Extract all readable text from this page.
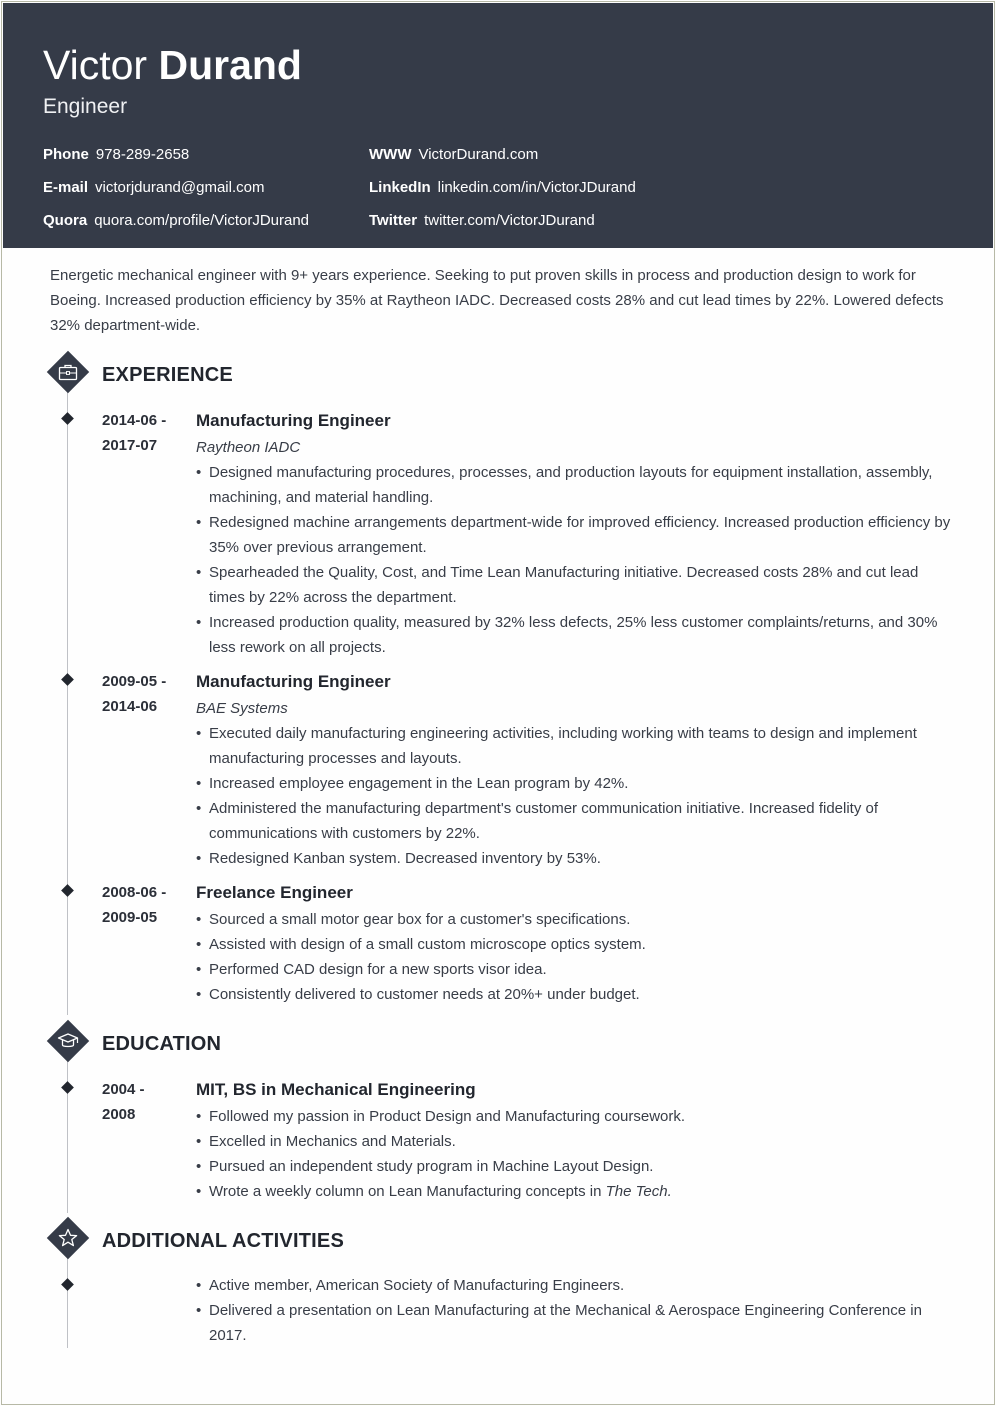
Victor Durand
Engineer
Phone 978-289-2658
E-mail victorjdurand@gmail.com
Quora quora.com/profile/VictorJDurand
WWW VictorDurand.com
LinkedIn linkedin.com/in/VictorJDurand
Twitter twitter.com/VictorJDurand
Energetic mechanical engineer with 9+ years experience. Seeking to put proven skills in process and production design to work for Boeing. Increased production efficiency by 35% at Raytheon IADC. Decreased costs 28% and cut lead times by 22%. Lowered defects 32% department-wide.
EXPERIENCE
2014-06 -
2017-07
Manufacturing Engineer
Raytheon IADC
• Designed manufacturing procedures, processes, and production layouts for equipment installation, assembly, machining, and material handling.
• Redesigned machine arrangements department-wide for improved efficiency. Increased production efficiency by 35% over previous arrangement.
• Spearheaded the Quality, Cost, and Time Lean Manufacturing initiative. Decreased costs 28% and cut lead times by 22% across the department.
• Increased production quality, measured by 32% less defects, 25% less customer complaints/returns, and 30% less rework on all projects.
2009-05 -
2014-06
Manufacturing Engineer
BAE Systems
• Executed daily manufacturing engineering activities, including working with teams to design and implement manufacturing processes and layouts.
• Increased employee engagement in the Lean program by 42%.
• Administered the manufacturing department's customer communication initiative. Increased fidelity of communications with customers by 22%.
• Redesigned Kanban system. Decreased inventory by 53%.
2008-06 -
2009-05
Freelance Engineer
• Sourced a small motor gear box for a customer's specifications.
• Assisted with design of a small custom microscope optics system.
• Performed CAD design for a new sports visor idea.
• Consistently delivered to customer needs at 20%+ under budget.
EDUCATION
2004 -
2008
MIT, BS in Mechanical Engineering
• Followed my passion in Product Design and Manufacturing coursework.
• Excelled in Mechanics and Materials.
• Pursued an independent study program in Machine Layout Design.
• Wrote a weekly column on Lean Manufacturing concepts in The Tech.
ADDITIONAL ACTIVITIES
• Active member, American Society of Manufacturing Engineers.
• Delivered a presentation on Lean Manufacturing at the Mechanical & Aerospace Engineering Conference in 2017.
